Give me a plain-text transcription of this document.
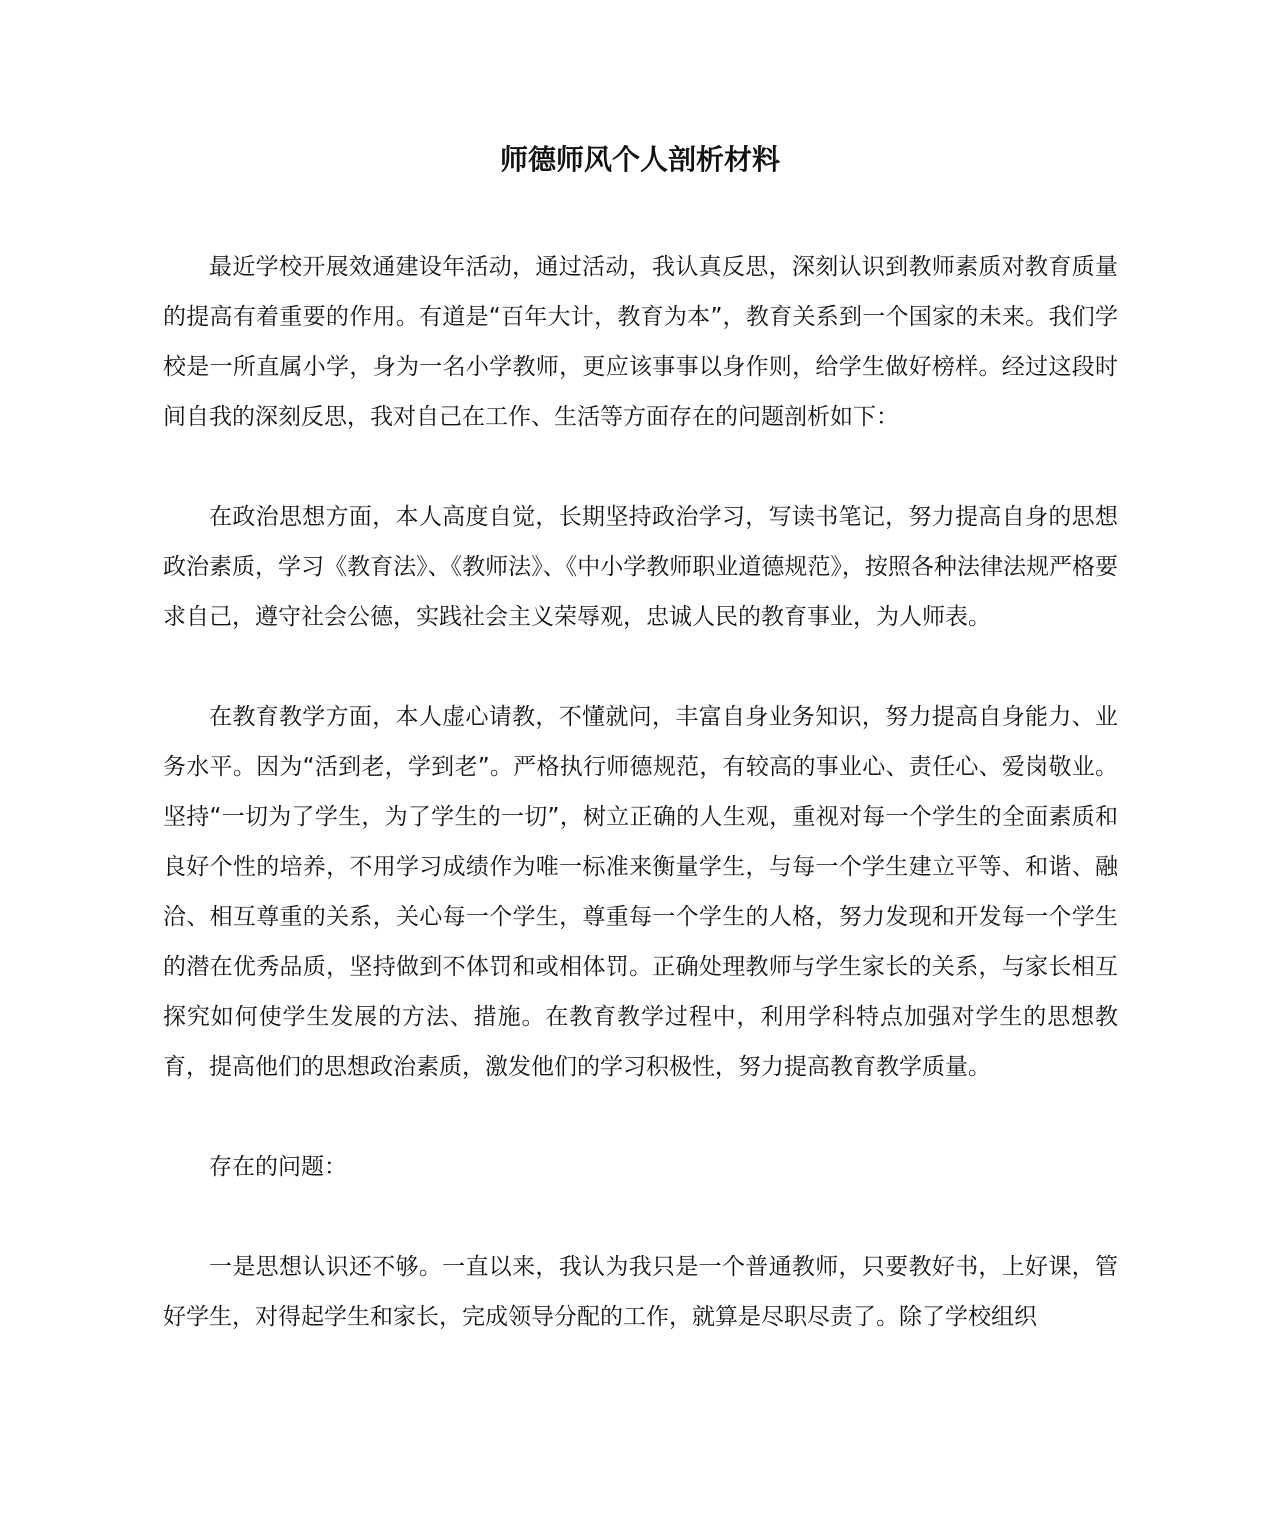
师德师风个人剖析材料

最近学校开展效通建设年活动，通过活动，我认真反思，深刻认识到教师素质对教育质量的提高有着重要的作用。有道是“百年大计，教育为本”，教育关系到一个国家的未来。我们学校是一所直属小学，身为一名小学教师，更应该事事以身作则，给学生做好榜样。经过这段时间自我的深刻反思，我对自己在工作、生活等方面存在的问题剖析如下：

在政治思想方面，本人高度自觉，长期坚持政治学习，写读书笔记，努力提高自身的思想政治素质，学习《教育法》、《教师法》、《中小学教师职业道德规范》，按照各种法律法规严格要求自己，遵守社会公德，实践社会主义荣辱观，忠诚人民的教育事业，为人师表。

在教育教学方面，本人虚心请教，不懂就问，丰富自身业务知识，努力提高自身能力、业务水平。因为“活到老，学到老”。严格执行师德规范，有较高的事业心、责任心、爱岗敬业。坚持“一切为了学生，为了学生的一切”，树立正确的人生观，重视对每一个学生的全面素质和良好个性的培养，不用学习成绩作为唯一标准来衡量学生，与每一个学生建立平等、和谐、融洽、相互尊重的关系，关心每一个学生，尊重每一个学生的人格，努力发现和开发每一个学生的潜在优秀品质，坚持做到不体罚和或相体罚。正确处理教师与学生家长的关系，与家长相互探究如何使学生发展的方法、措施。在教育教学过程中，利用学科特点加强对学生的思想教育，提高他们的思想政治素质，激发他们的学习积极性，努力提高教育教学质量。

存在的问题：

一是思想认识还不够。一直以来，我认为我只是一个普通教师，只要教好书，上好课，管好学生，对得起学生和家长，完成领导分配的工作，就算是尽职尽责了。除了学校组织
